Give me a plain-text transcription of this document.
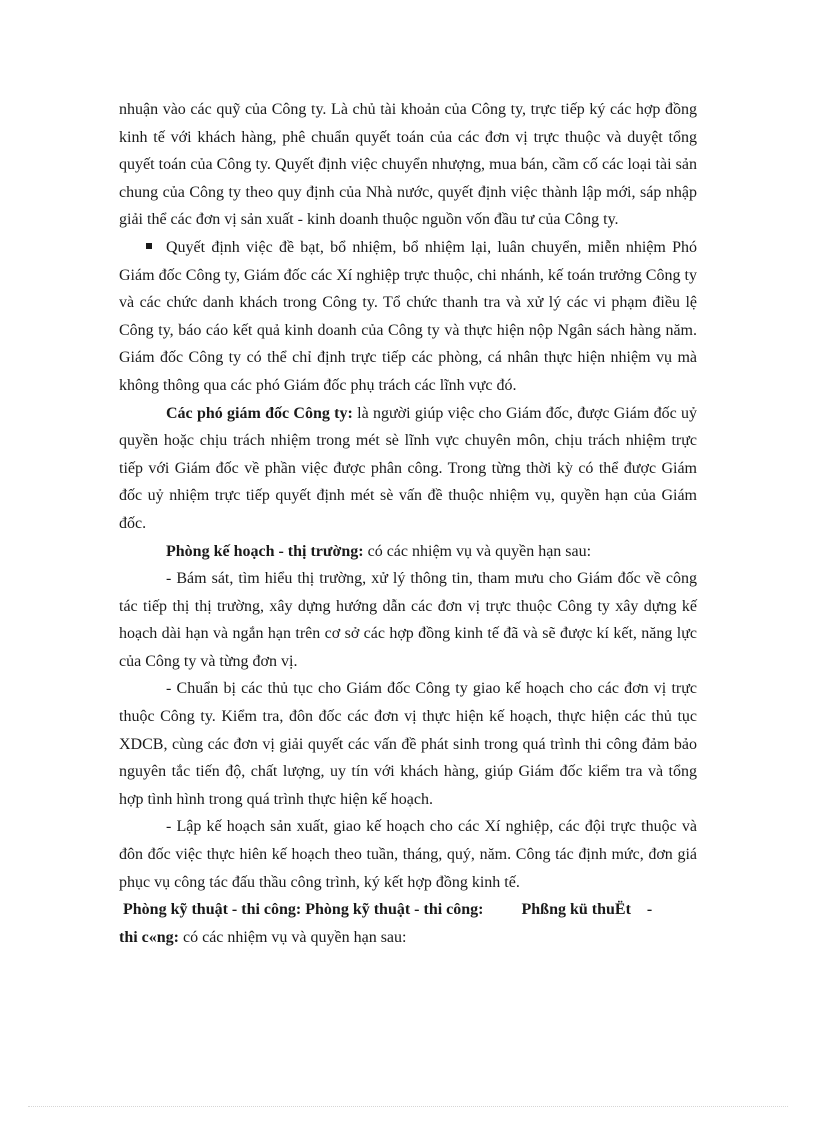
nhuận vào các quỹ của Công ty. Là chủ tài khoản của Công ty, trực tiếp ký các hợp đồng kinh tế với khách hàng, phê chuẩn quyết toán của các đơn vị trực thuộc và duyệt tổng quyết toán của Công ty. Quyết định việc chuyển nhượng, mua bán, cầm cố các loại tài sản chung của Công ty theo quy định của Nhà nước, quyết định việc thành lập mới, sáp nhập giải thể các đơn vị sản xuất - kinh doanh thuộc nguồn vốn đầu tư của Công ty.

Quyết định việc đề bạt, bổ nhiệm, bổ nhiệm lại, luân chuyển, miễn nhiệm Phó Giám đốc Công ty, Giám đốc các Xí nghiệp trực thuộc, chi nhánh, kế toán trưởng Công ty và các chức danh khách trong Công ty. Tổ chức thanh tra và xử lý các vi phạm điều lệ Công ty, báo cáo kết quả kinh doanh của Công ty và thực hiện nộp Ngân sách hàng năm. Giám đốc Công ty có thể chỉ định trực tiếp các phòng, cá nhân thực hiện nhiệm vụ mà không thông qua các phó Giám đốc phụ trách các lĩnh vực đó.

Các phó giám đốc Công ty: là người giúp việc cho Giám đốc, được Giám đốc uỷ quyền hoặc chịu trách nhiệm trong mét sè lĩnh vực chuyên môn, chịu trách nhiệm trực tiếp với Giám đốc về phần việc được phân công. Trong từng thời kỳ có thể được Giám đốc uỷ nhiệm trực tiếp quyết định mét sè vấn đề thuộc nhiệm vụ, quyền hạn của Giám đốc.

Phòng kế hoạch - thị trường: có các nhiệm vụ và quyền hạn sau:

- Bám sát, tìm hiểu thị trường, xử lý thông tin, tham mưu cho Giám đốc về công tác tiếp thị thị trường, xây dựng hướng dẫn các đơn vị trực thuộc Công ty xây dựng kế hoạch dài hạn và ngắn hạn trên cơ sở các hợp đồng kinh tế đã và sẽ được kí kết, năng lực của Công ty và từng đơn vị.

- Chuẩn bị các thủ tục cho Giám đốc Công ty giao kế hoạch cho các đơn vị trực thuộc Công ty. Kiểm tra, đôn đốc các đơn vị thực hiện kế hoạch, thực hiện các thủ tục XDCB, cùng các đơn vị giải quyết các vấn đề phát sinh trong quá trình thi công đảm bảo nguyên tắc tiến độ, chất lượng, uy tín với khách hàng, giúp Giám đốc kiểm tra và tổng hợp tình hình trong quá trình thực hiện kế hoạch.

- Lập kế hoạch sản xuất, giao kế hoạch cho các Xí nghiệp, các đội trực thuộc và đôn đốc việc thực hiên kế hoạch theo tuần, tháng, quý, năm. Công tác định mức, đơn giá phục vụ công tác đấu thầu công trình, ký kết hợp đồng kinh tế.

Phòng kỹ thuật - thi công: Phòng kỹ thuật - thi công: Phßng kü thuËt -
thi c«ng: có các nhiệm vụ và quyền hạn sau:
